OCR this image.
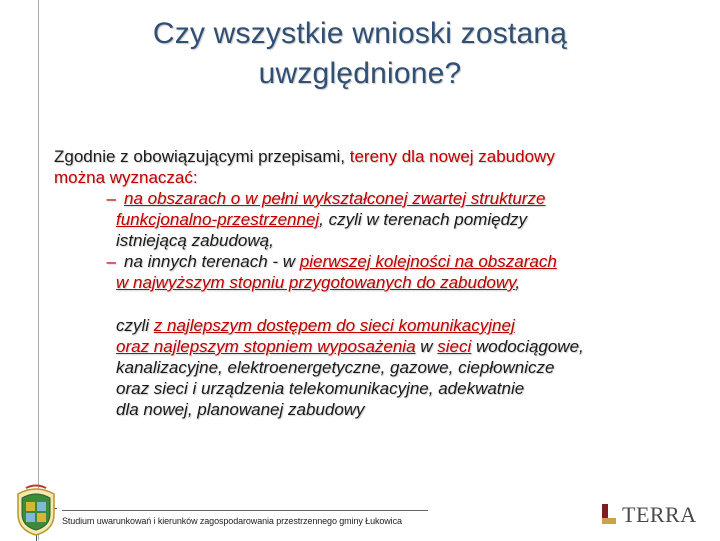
Czy wszystkie wnioski zostaną
uwzględnione?
Zgodnie z obowiązującymi przepisami, tereny dla nowej zabudowy
można wyznaczać:
– na obszarach o w pełni wykształconej zwartej strukturze
funkcjonalno-przestrzennej, czyli w terenach pomiędzy
istniejącą zabudową,
– na innych terenach - w pierwszej kolejności na obszarach
w najwyższym stopniu przygotowanych do zabudowy,
czyli z najlepszym dostępem do sieci komunikacyjnej
oraz najlepszym stopniem wyposażenia w sieci wodociągowe,
kanalizacyjne, elektroenergetyczne, gazowe, ciepłownicze
oraz sieci i urządzenia telekomunikacyjne, adekwatnie
dla nowej, planowanej zabudowy
Studium uwarunkowań i kierunków zagospodarowania przestrzennego gminy Łukowica	TERRA
